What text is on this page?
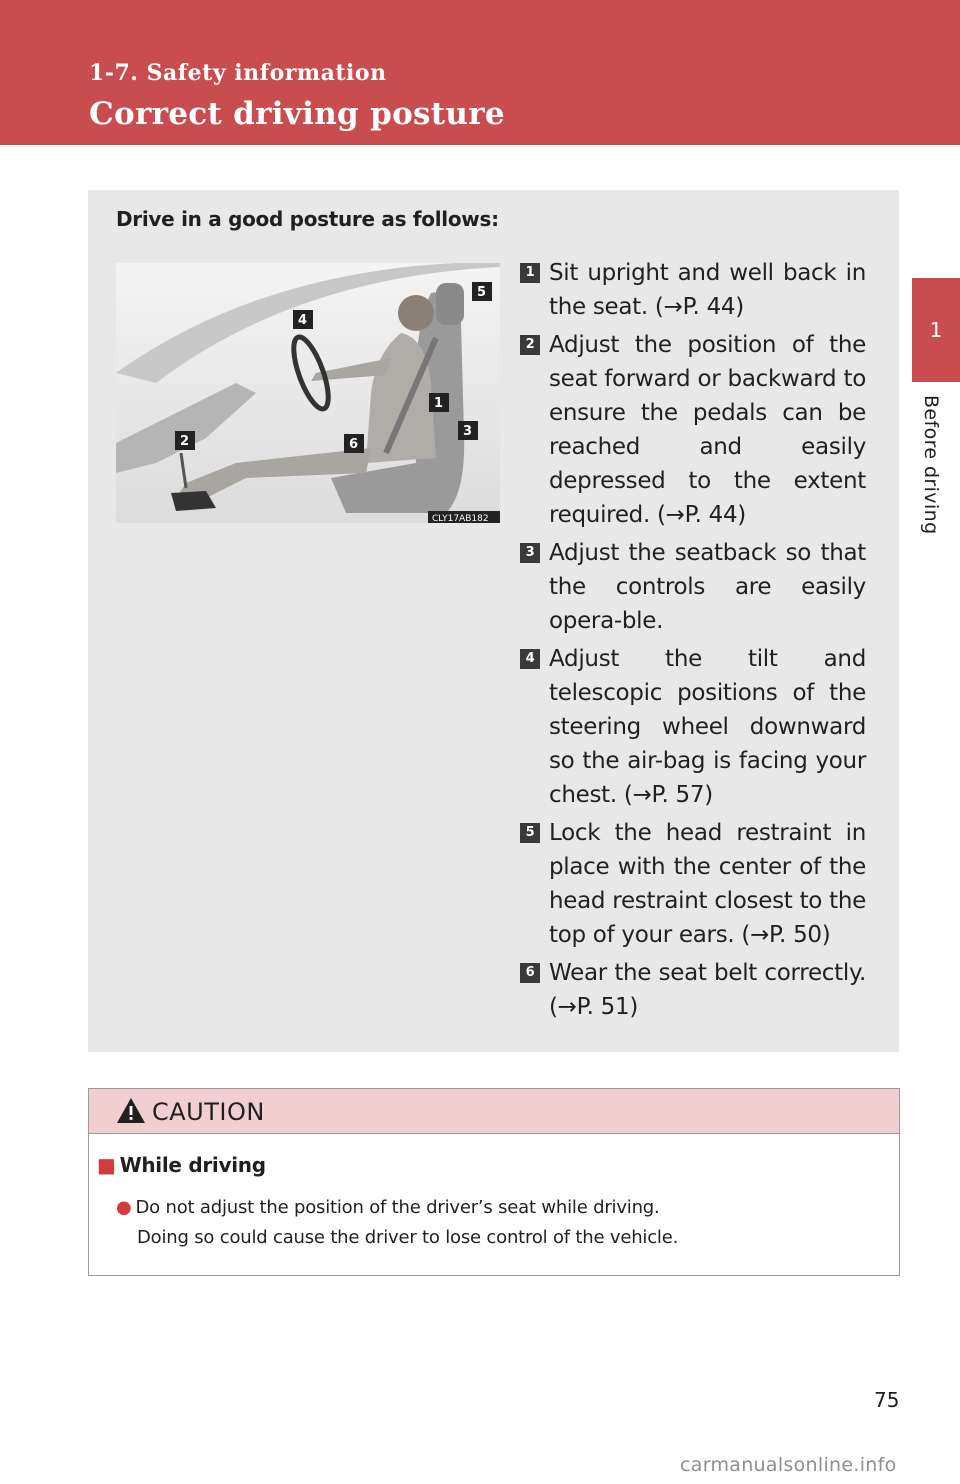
1-7. Safety information
Correct driving posture
1
Before driving
Drive in a good posture as follows:
4
5
1
3
2	6
CLY17AB182
1 Sit upright and well back in the seat. (→P. 44)
2 Adjust the position of the seat forward or backward to ensure the pedals can be reached and easily depressed to the extent required. (→P. 44)
3 Adjust the seatback so that the controls are easily opera-ble.
4 Adjust the tilt and telescopic positions of the steering wheel downward so the air-bag is facing your chest. (→P. 57)
5 Lock the head restraint in place with the center of the head restraint closest to the top of your ears. (→P. 50)
6 Wear the seat belt correctly. (→P. 51)
CAUTION
■ While driving
● Do not adjust the position of the driver’s seat while driving.
Doing so could cause the driver to lose control of the vehicle.
75
carmanualsonline.info
